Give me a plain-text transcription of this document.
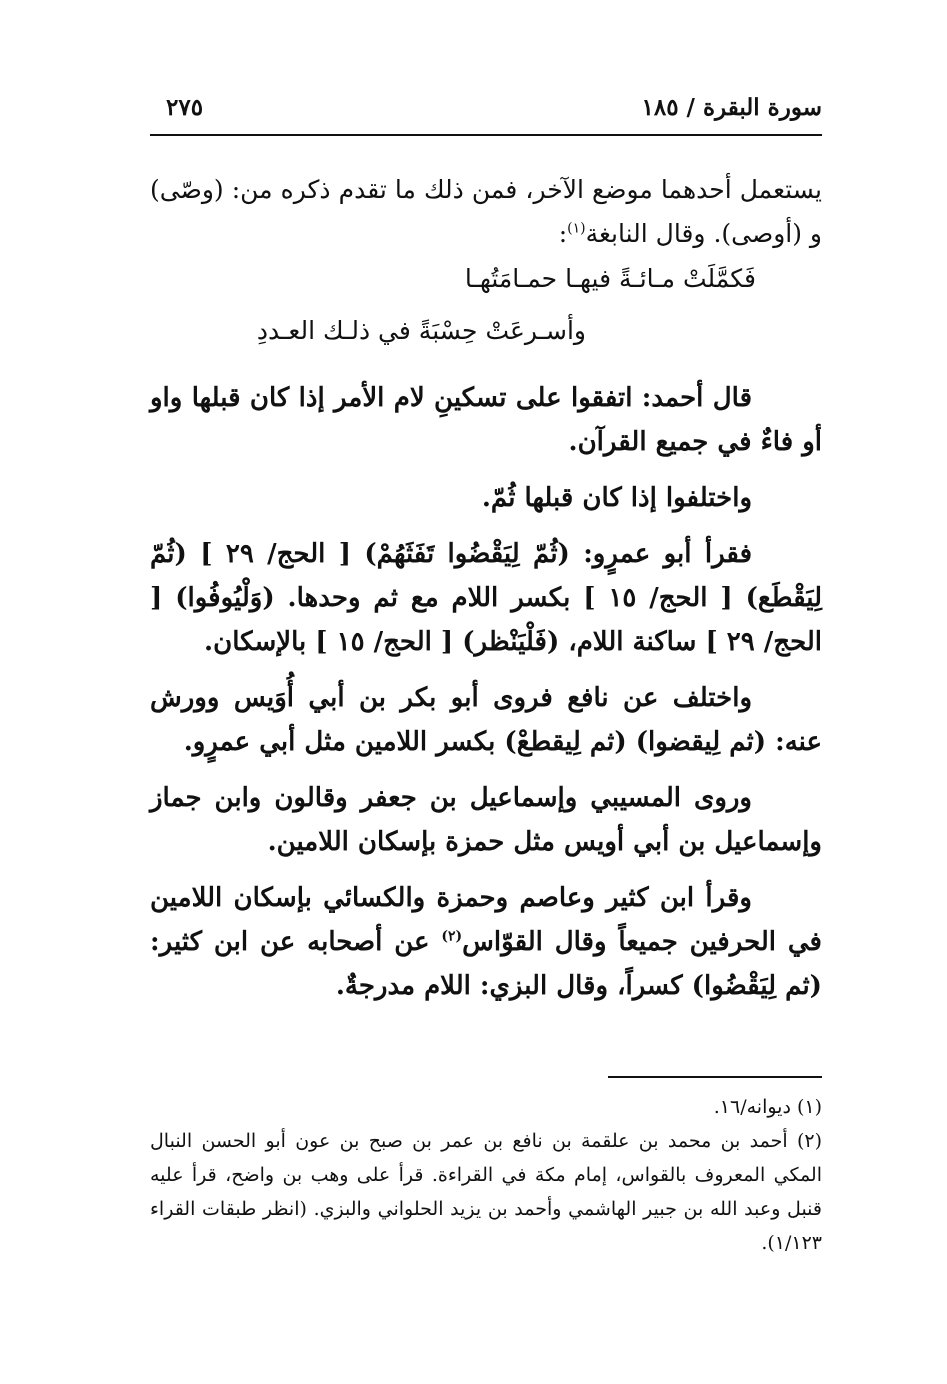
سورة البقرة / ١٨٥
٢٧٥

يستعمل أحدهما موضع الآخر، فمن ذلك ما تقدم ذكره من: (وصّى) و (أوصى). وقال النابغة$^{(١)}$:

فَكمَّلَتْ مـائـةً فيهـا حمـامَتُهـا
وأسـرعَتْ حِسْبَةً في ذلـك العـددِ

قال أحمد: اتفقوا على تسكينِ لام الأمر إذا كان قبلها واو أو فاءٌ في جميع القرآن.

واختلفوا إذا كان قبلها ثُمّ.

فقرأ أبو عمرٍو: (ثُمّ لِيَقْضُوا تَفَثَهُمْ) [ الحج/ ٢٩ ] (ثُمّ لِيَقْطَع) [ الحج/ ١٥ ] بكسر اللام مع ثم وحدها. (وَلْيُوفُوا) [ الحج/ ٢٩ ] ساكنة اللام، (فَلْيَنْظر) [ الحج/ ١٥ ] بالإسكان.

واختلف عن نافع فروى أبو بكر بن أبي أُوَيس وورش عنه: (ثم لِيقضوا) (ثم لِيقطعْ) بكسر اللامين مثل أبي عمرٍو.

وروى المسيبي وإسماعيل بن جعفر وقالون وابن جماز وإسماعيل بن أبي أويس مثل حمزة بإسكان اللامين.

وقرأ ابن كثير وعاصم وحمزة والكسائي بإسكان اللامين في الحرفين جميعاً وقال القوّاس$^{(٢)}$ عن أصحابه عن ابن كثير: (ثم لِيَقْضُوا) كسراً، وقال البزي: اللام مدرجةٌ.

(١) ديوانه/١٦.

(٢) أحمد بن محمد بن علقمة بن نافع بن عمر بن صبح بن عون أبو الحسن النبال المكي المعروف بالقواس، إمام مكة في القراءة. قرأ على وهب بن واضح، قرأ عليه قنبل وعبد الله بن جبير الهاشمي وأحمد بن يزيد الحلواني والبزي. (انظر طبقات القراء ١/١٢٣).
